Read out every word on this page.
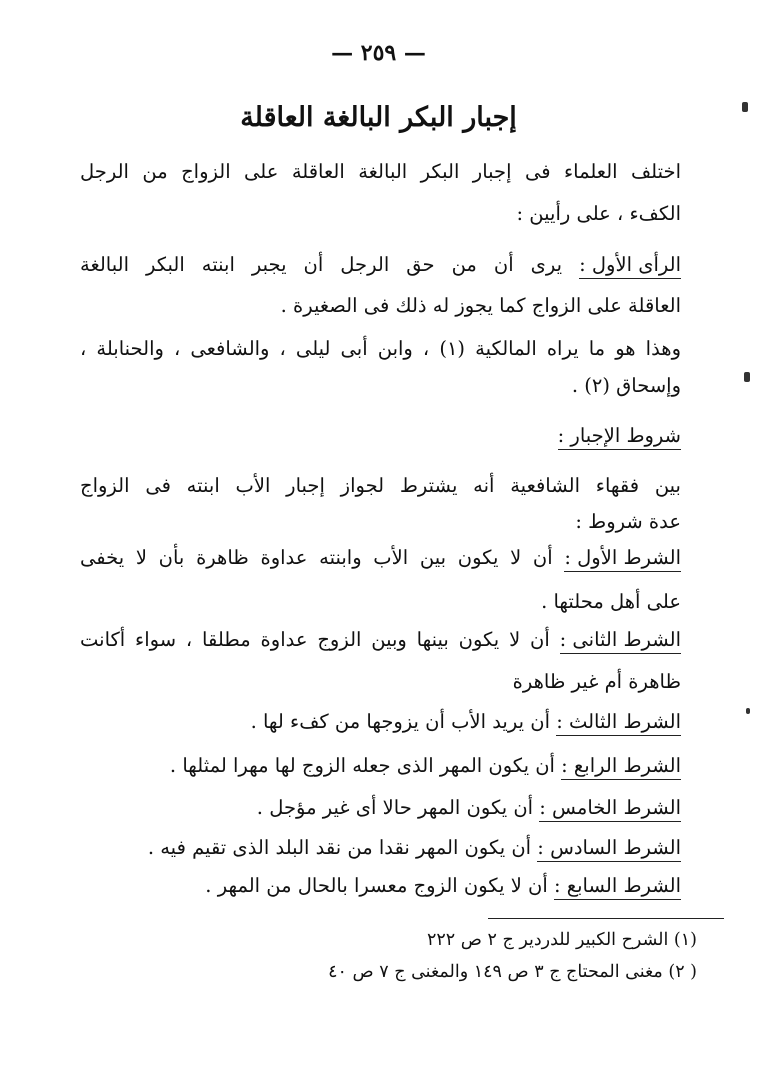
— ٢٥٩ —
إجبار البكر البالغة العاقلة
اختلف العلماء فى إجبار البكر البالغة العاقلة على الزواج من الرجل
الكفء ، على رأيين :
الرأى الأول : يرى أن من حق الرجل أن يجبر ابنته البكر البالغة
العاقلة على الزواج كما يجوز له ذلك فى الصغيرة .
وهذا هو ما يراه المالكية (١) ، وابن أبى ليلى ، والشافعى ، والحنابلة ،
وإسحاق (٢) .
شروط الإجبار :
بين فقهاء الشافعية أنه يشترط لجواز إجبار الأب ابنته فى الزواج
عدة شروط :
الشرط الأول : أن لا يكون بين الأب وابنته عداوة ظاهرة بأن لا يخفى
على أهل محلتها .
الشرط الثانى : أن لا يكون بينها وبين الزوج عداوة مطلقا ، سواء أكانت
ظاهرة أم غير ظاهرة
الشرط الثالث : أن يريد الأب أن يزوجها من كفء لها .
الشرط الرابع : أن يكون المهر الذى جعله الزوج لها مهرا لمثلها .
الشرط الخامس : أن يكون المهر حالا أى غير مؤجل .
الشرط السادس : أن يكون المهر نقدا من نقد البلد الذى تقيم فيه .
الشرط السابع : أن لا يكون الزوج معسرا بالحال من المهر .
(١) الشرح الكبير للدردير ج ٢ ص ٢٢٢
( ٢) مغنى المحتاج ج ٣ ص ١٤٩ والمغنى ج ٧ ص ٤٠
